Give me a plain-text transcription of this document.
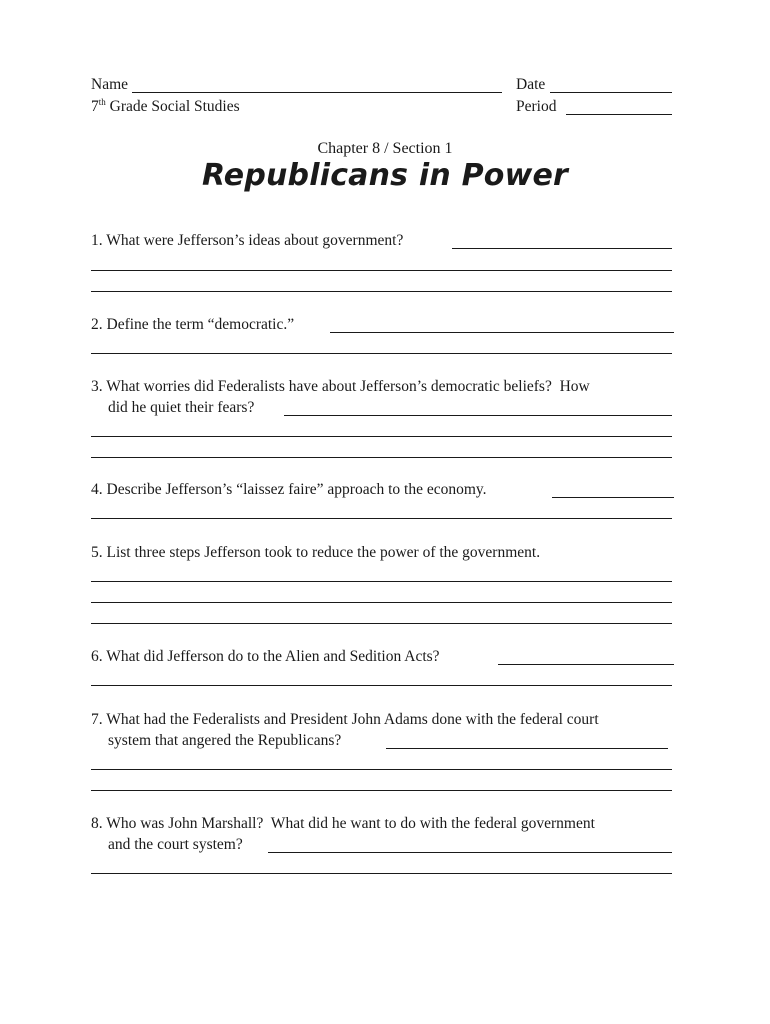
Name
7th Grade Social Studies
Date
Period
Chapter 8 / Section 1
Republicans in Power
1. What were Jefferson’s ideas about government?
2. Define the term “democratic.”
3. What worries did Federalists have about Jefferson’s democratic beliefs?  How
did he quiet their fears?
4. Describe Jefferson’s “laissez faire” approach to the economy.
5. List three steps Jefferson took to reduce the power of the government.
6. What did Jefferson do to the Alien and Sedition Acts?
7. What had the Federalists and President John Adams done with the federal court
system that angered the Republicans?
8. Who was John Marshall?  What did he want to do with the federal government
and the court system?
